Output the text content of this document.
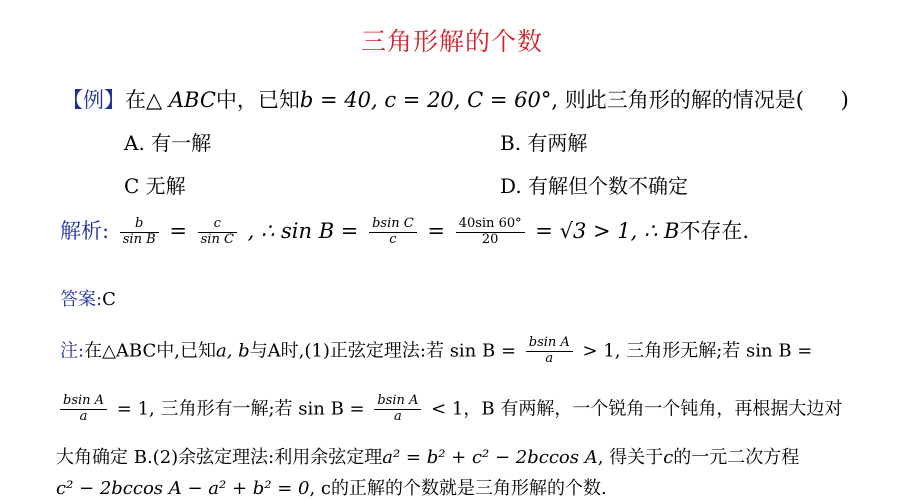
三角形解的个数
【例】在△ ABC中，已知b = 40, c = 20, C = 60°, 则此三角形的解的情况是( )
A. 有一解	B. 有两解
C 无解	D. 有解但个数不确定
解析: $\frac{b}{\text{sin B}} = \frac{c}{\text{sin C}}$ , ∴ $\sin B = \frac{\text{bsin C}}{c} = \frac{40\sin 60^\circ}{20} = √3 > 1$, ∴ B不存在.
答案:C
注:在△ABC中,已知a, b与A时,(1)正弦定理法:若 $\sin B = \frac{\text{bsin A}}{a} > 1$, 三角形无解;若 sin B =
$\frac{\text{bsin A}}{a} = 1$, 三角形有一解;若 $\sin B = \frac{\text{bsin A}}{a} < 1$，B 有两解，一个锐角一个钝角，再根据大边对
大角确定 B.(2)余弦定理法:利用余弦定理a² = b² + c² − 2bccos A, 得关于c的一元二次方程
c² − 2bccos A − a² + b² = 0, c的正解的个数就是三角形解的个数.
